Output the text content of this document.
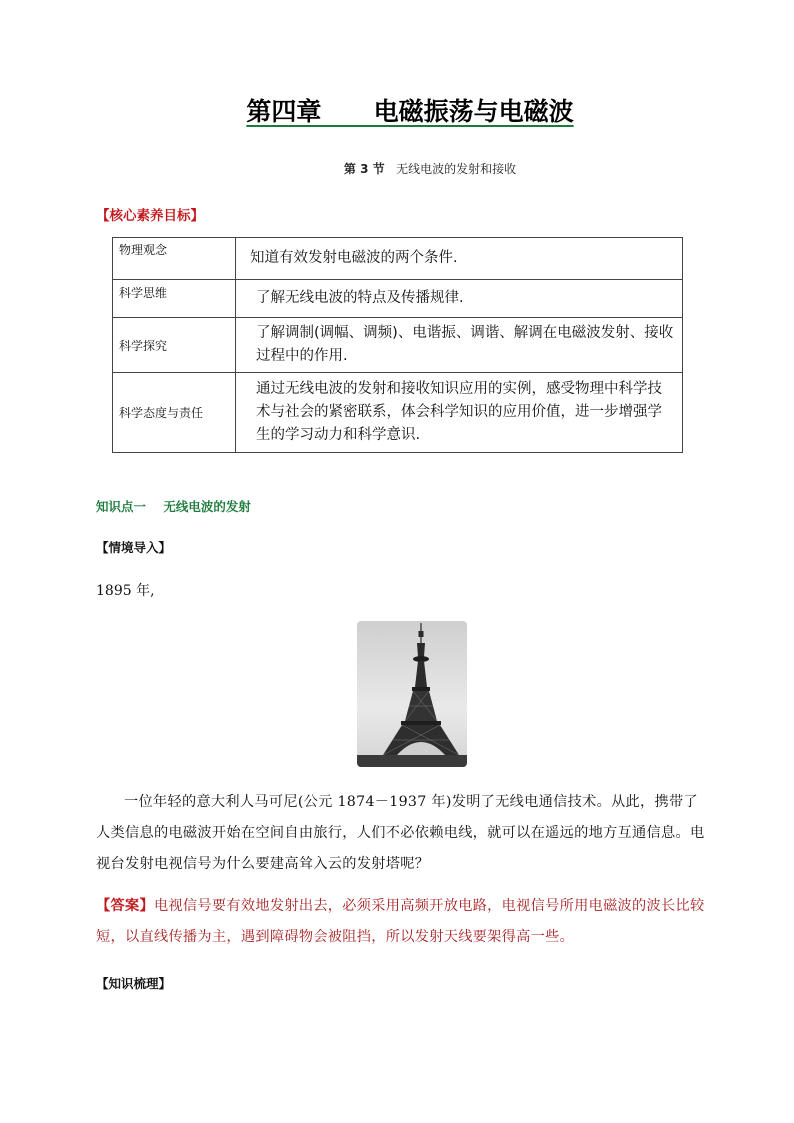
第四章      电磁振荡与电磁波
第 3 节 无线电波的发射和接收
【核心素养目标】
物理观念	知道有效发射电磁波的两个条件.
科学思维	了解无线电波的特点及传播规律.
科学探究	了解调制(调幅、调频)、电谐振、调谐、解调在电磁波发射、接收过程中的作用.
科学态度与责任	通过无线电波的发射和接收知识应用的实例，感受物理中科学技术与社会的紧密联系，体会科学知识的应用价值，进一步增强学生的学习动力和科学意识.
知识点一    无线电波的发射
【情境导入】
1895 年,
一位年轻的意大利人马可尼(公元 1874－1937 年)发明了无线电通信技术。从此，携带了人类信息的电磁波开始在空间自由旅行，人们不必依赖电线，就可以在遥远的地方互通信息。电视台发射电视信号为什么要建高耸入云的发射塔呢？
【答案】电视信号要有效地发射出去，必须采用高频开放电路，电视信号所用电磁波的波长比较短，以直线传播为主，遇到障碍物会被阻挡，所以发射天线要架得高一些。
【知识梳理】
